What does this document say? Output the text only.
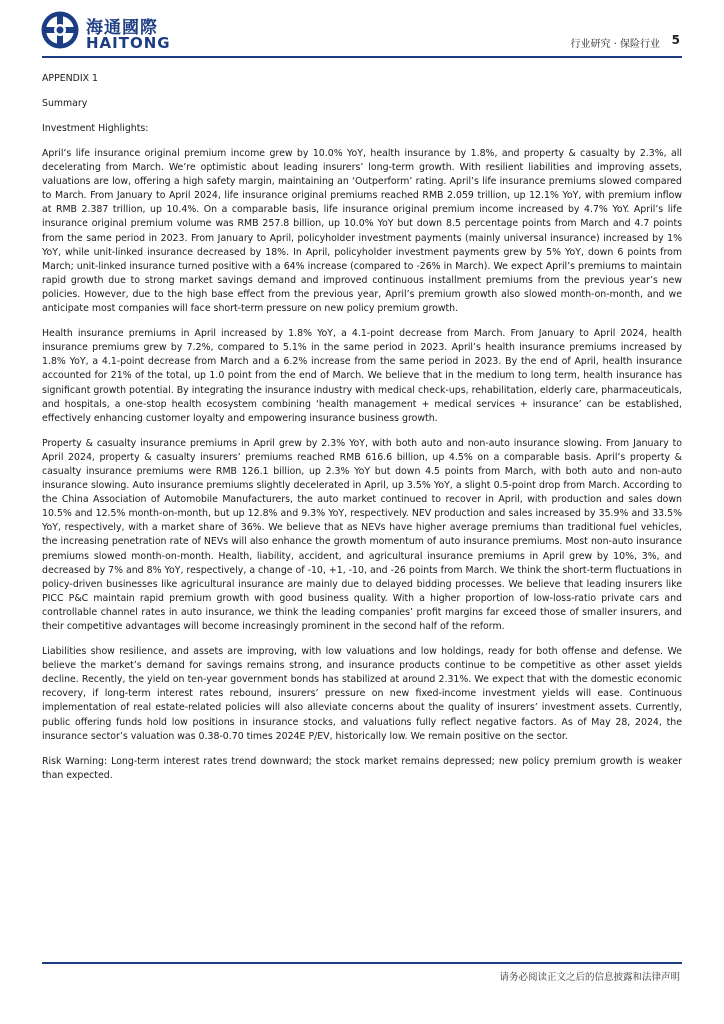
海通國際
HAITONG	行业研究 · 保险行业 5

APPENDIX 1

Summary

Investment Highlights:

April’s life insurance original premium income grew by 10.0% YoY, health insurance by 1.8%, and property & casualty by 2.3%, all decelerating from March. We’re optimistic about leading insurers’ long-term growth. With resilient liabilities and improving assets, valuations are low, offering a high safety margin, maintaining an ‘Outperform’ rating. April’s life insurance premiums slowed compared to March. From January to April 2024, life insurance original premiums reached RMB 2.059 trillion, up 12.1% YoY, with premium inflow at RMB 2.387 trillion, up 10.4%. On a comparable basis, life insurance original premium income increased by 4.7% YoY. April’s life insurance original premium volume was RMB 257.8 billion, up 10.0% YoY but down 8.5 percentage points from March and 4.7 points from the same period in 2023. From January to April, policyholder investment payments (mainly universal insurance) increased by 1% YoY, while unit-linked insurance decreased by 18%. In April, policyholder investment payments grew by 5% YoY, down 6 points from March; unit-linked insurance turned positive with a 64% increase (compared to -26% in March). We expect April’s premiums to maintain rapid growth due to strong market savings demand and improved continuous installment premiums from the previous year’s new policies. However, due to the high base effect from the previous year, April’s premium growth also slowed month-on-month, and we anticipate most companies will face short-term pressure on new policy premium growth.

Health insurance premiums in April increased by 1.8% YoY, a 4.1-point decrease from March. From January to April 2024, health insurance premiums grew by 7.2%, compared to 5.1% in the same period in 2023. April’s health insurance premiums increased by 1.8% YoY, a 4.1-point decrease from March and a 6.2% increase from the same period in 2023. By the end of April, health insurance accounted for 21% of the total, up 1.0 point from the end of March. We believe that in the medium to long term, health insurance has significant growth potential. By integrating the insurance industry with medical check-ups, rehabilitation, elderly care, pharmaceuticals, and hospitals, a one-stop health ecosystem combining ‘health management + medical services + insurance’ can be established, effectively enhancing customer loyalty and empowering insurance business growth.

Property & casualty insurance premiums in April grew by 2.3% YoY, with both auto and non-auto insurance slowing. From January to April 2024, property & casualty insurers’ premiums reached RMB 616.6 billion, up 4.5% on a comparable basis. April’s property & casualty insurance premiums were RMB 126.1 billion, up 2.3% YoY but down 4.5 points from March, with both auto and non-auto insurance slowing. Auto insurance premiums slightly decelerated in April, up 3.5% YoY, a slight 0.5-point drop from March. According to the China Association of Automobile Manufacturers, the auto market continued to recover in April, with production and sales down 10.5% and 12.5% month-on-month, but up 12.8% and 9.3% YoY, respectively. NEV production and sales increased by 35.9% and 33.5% YoY, respectively, with a market share of 36%. We believe that as NEVs have higher average premiums than traditional fuel vehicles, the increasing penetration rate of NEVs will also enhance the growth momentum of auto insurance premiums. Most non-auto insurance premiums slowed month-on-month. Health, liability, accident, and agricultural insurance premiums in April grew by 10%, 3%, and decreased by 7% and 8% YoY, respectively, a change of -10, +1, -10, and -26 points from March. We think the short-term fluctuations in policy-driven businesses like agricultural insurance are mainly due to delayed bidding processes. We believe that leading insurers like PICC P&C maintain rapid premium growth with good business quality. With a higher proportion of low-loss-ratio private cars and controllable channel rates in auto insurance, we think the leading companies’ profit margins far exceed those of smaller insurers, and their competitive advantages will become increasingly prominent in the second half of the reform.

Liabilities show resilience, and assets are improving, with low valuations and low holdings, ready for both offense and defense. We believe the market’s demand for savings remains strong, and insurance products continue to be competitive as other asset yields decline. Recently, the yield on ten-year government bonds has stabilized at around 2.31%. We expect that with the domestic economic recovery, if long-term interest rates rebound, insurers’ pressure on new fixed-income investment yields will ease. Continuous implementation of real estate-related policies will also alleviate concerns about the quality of insurers’ investment assets. Currently, public offering funds hold low positions in insurance stocks, and valuations fully reflect negative factors. As of May 28, 2024, the insurance sector’s valuation was 0.38-0.70 times 2024E P/EV, historically low. We remain positive on the sector.

Risk Warning: Long-term interest rates trend downward; the stock market remains depressed; new policy premium growth is weaker than expected.

请务必阅读正文之后的信息披露和法律声明
